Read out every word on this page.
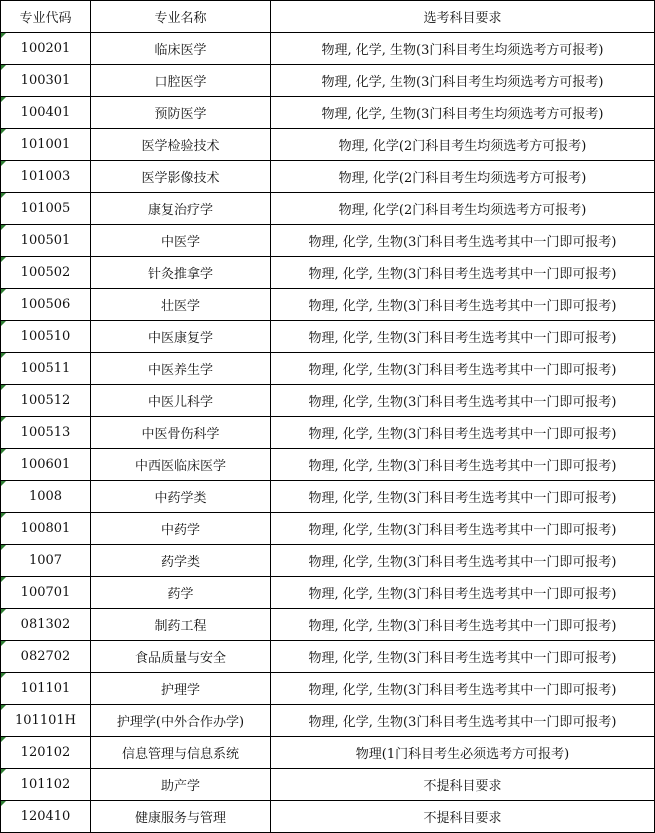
专业代码	专业名称	选考科目要求
100201	临床医学	物理, 化学, 生物(3门科目考生均须选考方可报考)
100301	口腔医学	物理, 化学, 生物(3门科目考生均须选考方可报考)
100401	预防医学	物理, 化学, 生物(3门科目考生均须选考方可报考)
101001	医学检验技术	物理, 化学(2门科目考生均须选考方可报考)
101003	医学影像技术	物理, 化学(2门科目考生均须选考方可报考)
101005	康复治疗学	物理, 化学(2门科目考生均须选考方可报考)
100501	中医学	物理, 化学, 生物(3门科目考生选考其中一门即可报考)
100502	针灸推拿学	物理, 化学, 生物(3门科目考生选考其中一门即可报考)
100506	壮医学	物理, 化学, 生物(3门科目考生选考其中一门即可报考)
100510	中医康复学	物理, 化学, 生物(3门科目考生选考其中一门即可报考)
100511	中医养生学	物理, 化学, 生物(3门科目考生选考其中一门即可报考)
100512	中医儿科学	物理, 化学, 生物(3门科目考生选考其中一门即可报考)
100513	中医骨伤科学	物理, 化学, 生物(3门科目考生选考其中一门即可报考)
100601	中西医临床医学	物理, 化学, 生物(3门科目考生选考其中一门即可报考)
1008	中药学类	物理, 化学, 生物(3门科目考生选考其中一门即可报考)
100801	中药学	物理, 化学, 生物(3门科目考生选考其中一门即可报考)
1007	药学类	物理, 化学, 生物(3门科目考生选考其中一门即可报考)
100701	药学	物理, 化学, 生物(3门科目考生选考其中一门即可报考)
081302	制药工程	物理, 化学, 生物(3门科目考生选考其中一门即可报考)
082702	食品质量与安全	物理, 化学, 生物(3门科目考生选考其中一门即可报考)
101101	护理学	物理, 化学, 生物(3门科目考生选考其中一门即可报考)
101101H	护理学(中外合作办学)	物理, 化学, 生物(3门科目考生选考其中一门即可报考)
120102	信息管理与信息系统	物理(1门科目考生必须选考方可报考)
101102	助产学	不提科目要求
120410	健康服务与管理	不提科目要求
